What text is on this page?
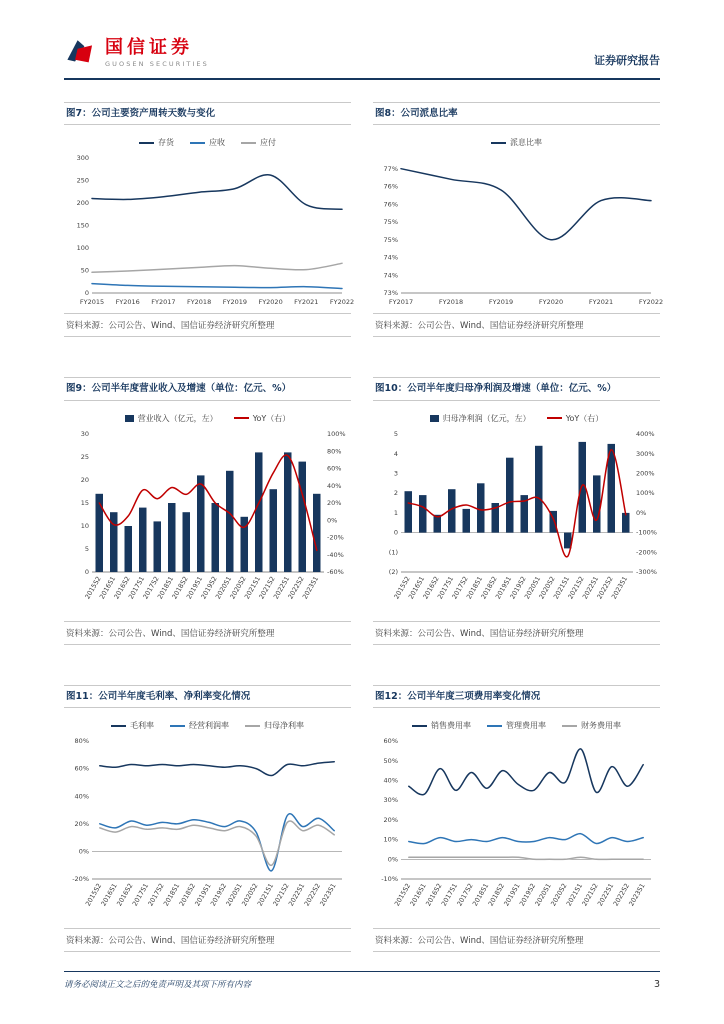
国信证券
GUOSEN SECURITIES	证券研究报告
图7：公司主要资产周转天数与变化
存货	应收	应付
0
50
100
150
200
250
300
FY2015 FY2016 FY2017 FY2018 FY2019 FY2020 FY2021 FY2022
资料来源：公司公告、Wind、国信证券经济研究所整理
图8：公司派息比率
派息比率
73%
74%
74%
75%
75%
76%
76%
77%
FY2017	FY2018	FY2019	FY2020	FY2021	FY2022
资料来源：公司公告、Wind、国信证券经济研究所整理
图9：公司半年度营业收入及增速（单位：亿元、%）
营业收入（亿元，左）	YoY（右）
0
5
10
15
20
25
30
-60%
-40%
-20%
0%
20%
40%
60%
80%
100%
2015S2
2016S1
2016S2
2017S1
2017S2
2018S1
2018S2
2019S1
2019S2
2020S1
2020S2
2021S1
2021S2
2022S1
2022S2
2023S1
资料来源：公司公告、Wind、国信证券经济研究所整理
图10：公司半年度归母净利润及增速（单位：亿元、%）
归母净利润（亿元，左）	YoY（右）
(2)
(1)
0
1
2
3
4
5
-300%
-200%
-100%
0%
100%
200%
300%
400%
2015S2
2016S1
2016S2
2017S1
2017S2
2018S1
2018S2
2019S1
2019S2
2020S1
2020S2
2021S1
2021S2
2022S1
2022S2
2023S1
资料来源：公司公告、Wind、国信证券经济研究所整理
图11：公司半年度毛利率、净利率变化情况
毛利率	经营利润率	归母净利率
-20%
0%
20%
40%
60%
80%
2015S2
2016S1
2016S2
2017S1
2017S2
2018S1
2018S2
2019S1
2019S2
2020S1
2020S2
2021S1
2021S2
2022S1
2022S2
2023S1
资料来源：公司公告、Wind、国信证券经济研究所整理
图12：公司半年度三项费用率变化情况
销售费用率	管理费用率	财务费用率
-10%
0%
10%
20%
30%
40%
50%
60%
2015S2
2016S1
2016S2
2017S1
2017S2
2018S1
2018S2
2019S1
2019S2
2020S1
2020S2
2021S1
2021S2
2022S1
2022S2
2023S1
资料来源：公司公告、Wind、国信证券经济研究所整理
请务必阅读正文之后的免责声明及其项下所有内容	3
